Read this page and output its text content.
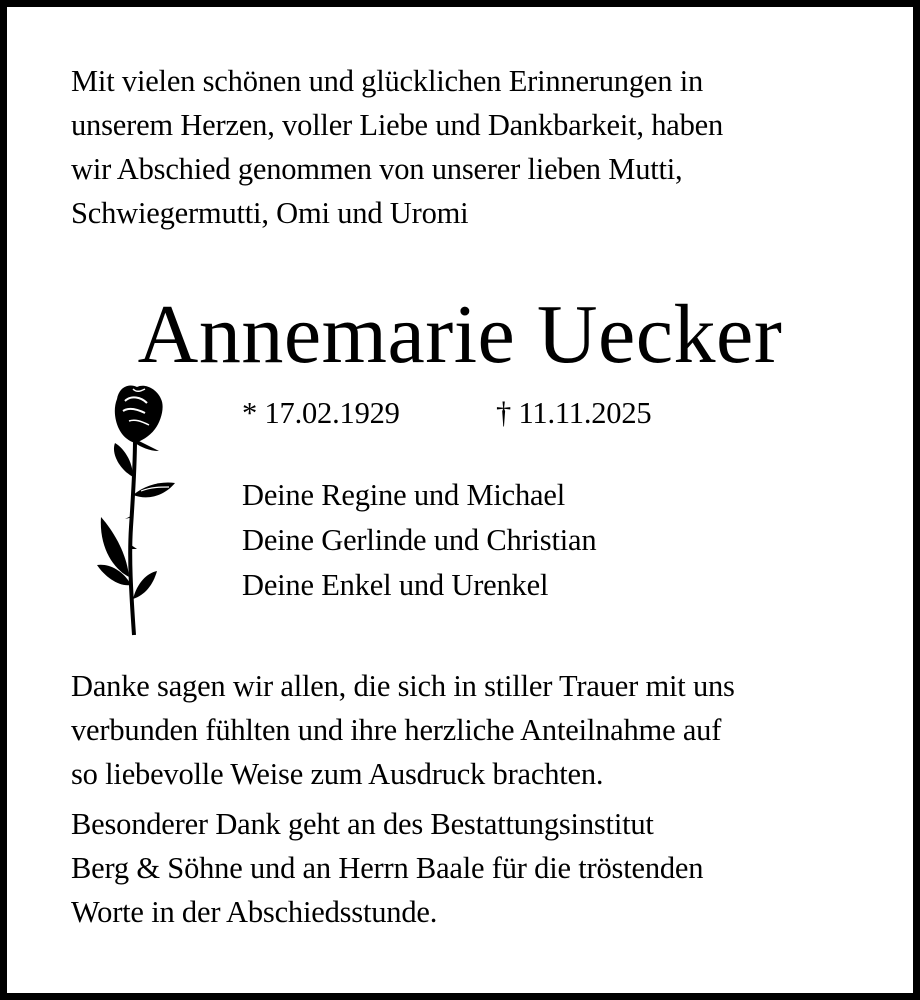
Mit vielen schönen und glücklichen Erinnerungen in
unserem Herzen, voller Liebe und Dankbarkeit, haben
wir Abschied genommen von unserer lieben Mutti,
Schwiegermutti, Omi und Uromi
Annemarie Uecker
* 17.02.1929	† 11.11.2025
Deine Regine und Michael
Deine Gerlinde und Christian
Deine Enkel und Urenkel
Danke sagen wir allen, die sich in stiller Trauer mit uns
verbunden fühlten und ihre herzliche Anteilnahme auf
so liebevolle Weise zum Ausdruck brachten.
Besonderer Dank geht an des Bestattungsinstitut
Berg & Söhne und an Herrn Baale für die tröstenden
Worte in der Abschiedsstunde.
